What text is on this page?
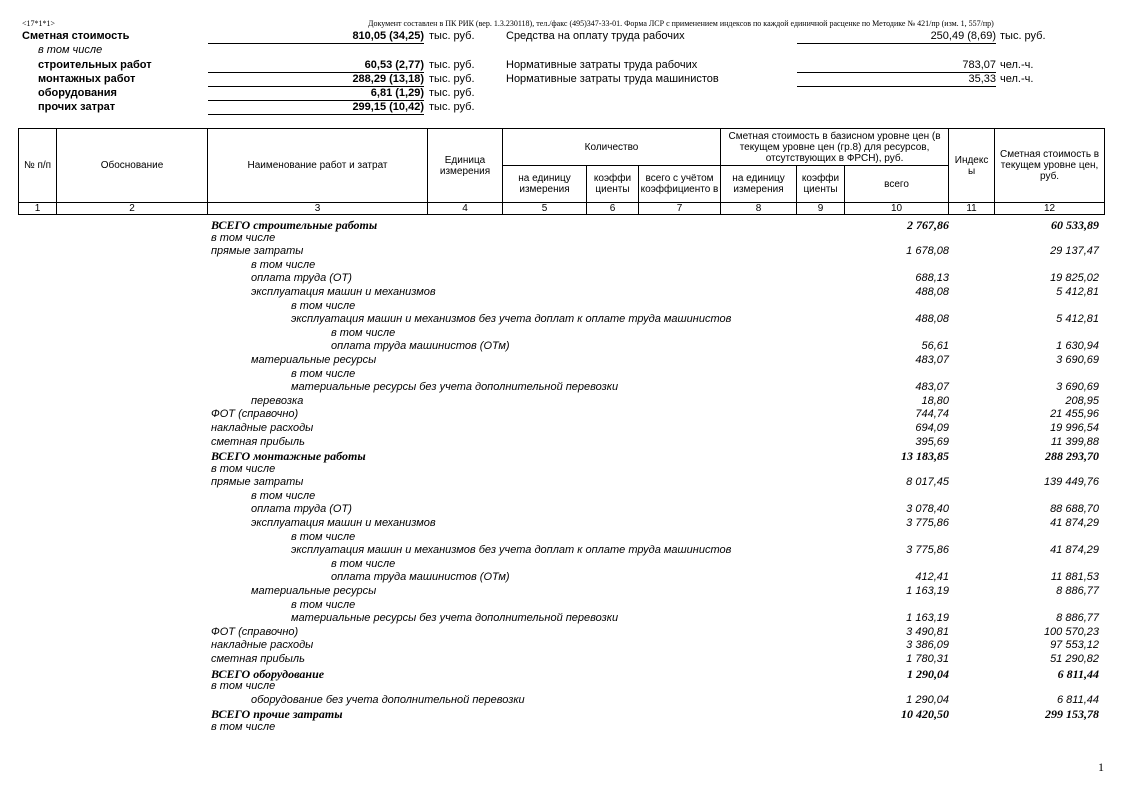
<17*1*1>	Документ составлен в ПК РИК (вер. 1.3.230118), тел./факс (495)347-33-01. Форма ЛСР с применением индексов по каждой единичной расценке по Методике № 421/пр (изм. 1, 557/пр)
Сметная стоимость	810,05 (34,25) тыс. руб.
в том числе
строительных работ	60,53 (2,77) тыс. руб.
монтажных работ	288,29 (13,18) тыс. руб.
оборудования	6,81 (1,29) тыс. руб.
прочих затрат	299,15 (10,42) тыс. руб.
Средства на оплату труда рабочих	250,49 (8,69) тыс. руб.
Нормативные затраты труда рабочих	783,07 чел.-ч.
Нормативные затраты труда машинистов	35,33 чел.-ч.
№ п/п	Обоснование	Наименование работ и затрат	Единица измерения	Количество			Сметная стоимость в базисном уровне цен (в текущем уровне цен (гр.8) для ресурсов, отсутствующих в ФРСН), руб.			Индекс ы	Сметная стоимость в текущем уровне цен, руб.
				на единицу измерения	коэффи циенты	всего с учётом коэффициенто в	на единицу измерения	коэффи циенты	всего		
1	2	3	4	5	6	7	8	9	10	11	12
ВСЕГО строительные работы	2 767,86	60 533,89
в том числе
прямые затраты	1 678,08	29 137,47
в том числе
оплата труда (ОТ)	688,13	19 825,02
эксплуатация машин и механизмов	488,08	5 412,81
в том числе
эксплуатация машин и механизмов без учета доплат к оплате труда машинистов	488,08	5 412,81
в том числе
оплата труда машинистов (ОТм)	56,61	1 630,94
материальные ресурсы	483,07	3 690,69
в том числе
материальные ресурсы без учета дополнительной перевозки	483,07	3 690,69
перевозка	18,80	208,95
ФОТ (справочно)	744,74	21 455,96
накладные расходы	694,09	19 996,54
сметная прибыль	395,69	11 399,88
ВСЕГО монтажные работы	13 183,85	288 293,70
в том числе
прямые затраты	8 017,45	139 449,76
в том числе
оплата труда (ОТ)	3 078,40	88 688,70
эксплуатация машин и механизмов	3 775,86	41 874,29
в том числе
эксплуатация машин и механизмов без учета доплат к оплате труда машинистов	3 775,86	41 874,29
в том числе
оплата труда машинистов (ОТм)	412,41	11 881,53
материальные ресурсы	1 163,19	8 886,77
в том числе
материальные ресурсы без учета дополнительной перевозки	1 163,19	8 886,77
ФОТ (справочно)	3 490,81	100 570,23
накладные расходы	3 386,09	97 553,12
сметная прибыль	1 780,31	51 290,82
ВСЕГО оборудование	1 290,04	6 811,44
в том числе
оборудование без учета дополнительной перевозки	1 290,04	6 811,44
ВСЕГО прочие затраты	10 420,50	299 153,78
в том числе
1
